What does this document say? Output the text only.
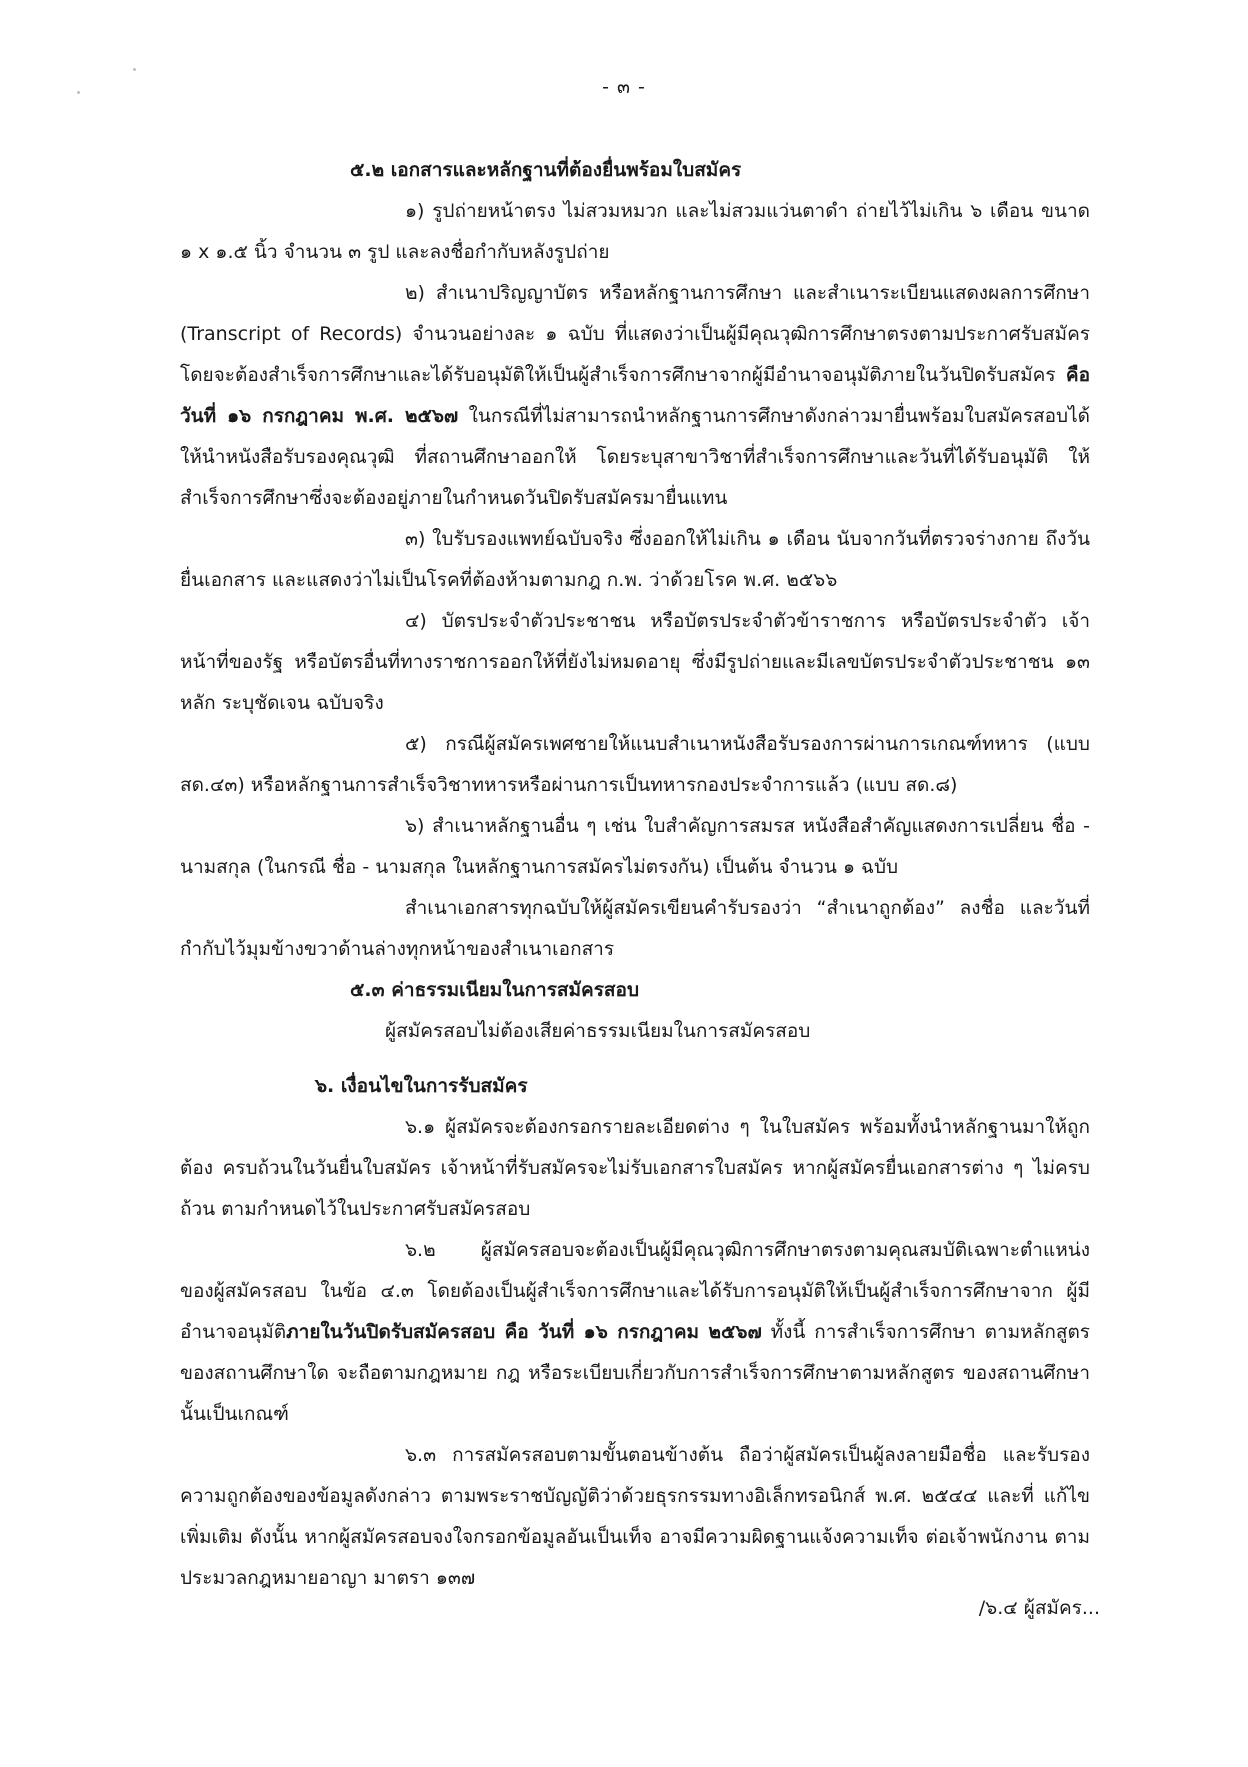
- ๓ -

๕.๒ เอกสารและหลักฐานที่ต้องยื่นพร้อมใบสมัคร

๑) รูปถ่ายหน้าตรง ไม่สวมหมวก และไม่สวมแว่นตาดำ ถ่ายไว้ไม่เกิน ๖ เดือน ขนาด ๑ x ๑.๕ นิ้ว จำนวน ๓ รูป และลงชื่อกำกับหลังรูปถ่าย

๒) สำเนาปริญญาบัตร หรือหลักฐานการศึกษา และสำเนาระเบียนแสดงผลการศึกษา (Transcript of Records) จำนวนอย่างละ ๑ ฉบับ ที่แสดงว่าเป็นผู้มีคุณวุฒิการศึกษาตรงตามประกาศรับสมัคร โดยจะต้องสำเร็จการศึกษาและได้รับอนุมัติให้เป็นผู้สำเร็จการศึกษาจากผู้มีอำนาจอนุมัติภายในวันปิดรับสมัคร คือวันที่ ๑๖ กรกฎาคม พ.ศ. ๒๕๖๗ ในกรณีที่ไม่สามารถนำหลักฐานการศึกษาดังกล่าวมายื่นพร้อมใบสมัครสอบได้ ให้นำหนังสือรับรองคุณวุฒิ ที่สถานศึกษาออกให้ โดยระบุสาขาวิชาที่สำเร็จการศึกษาและวันที่ได้รับอนุมัติ ให้สำเร็จการศึกษาซึ่งจะต้องอยู่ภายในกำหนดวันปิดรับสมัครมายื่นแทน

๓) ใบรับรองแพทย์ฉบับจริง ซึ่งออกให้ไม่เกิน ๑ เดือน นับจากวันที่ตรวจร่างกาย ถึงวันยื่นเอกสาร และแสดงว่าไม่เป็นโรคที่ต้องห้ามตามกฎ ก.พ. ว่าด้วยโรค พ.ศ. ๒๕๖๖

๔) บัตรประจำตัวประชาชน หรือบัตรประจำตัวข้าราชการ หรือบัตรประจำตัว เจ้าหน้าที่ของรัฐ หรือบัตรอื่นที่ทางราชการออกให้ที่ยังไม่หมดอายุ ซึ่งมีรูปถ่ายและมีเลขบัตรประจำตัวประชาชน ๑๓ หลัก ระบุชัดเจน ฉบับจริง

๕) กรณีผู้สมัครเพศชายให้แนบสำเนาหนังสือรับรองการผ่านการเกณฑ์ทหาร (แบบ สด.๔๓) หรือหลักฐานการสำเร็จวิชาทหารหรือผ่านการเป็นทหารกองประจำการแล้ว (แบบ สด.๘)

๖) สำเนาหลักฐานอื่น ๆ เช่น ใบสำคัญการสมรส หนังสือสำคัญแสดงการเปลี่ยน ชื่อ - นามสกุล (ในกรณี ชื่อ - นามสกุล ในหลักฐานการสมัครไม่ตรงกัน) เป็นต้น จำนวน ๑ ฉบับ

สำเนาเอกสารทุกฉบับให้ผู้สมัครเขียนคำรับรองว่า “สำเนาถูกต้อง” ลงชื่อ และวันที่ กำกับไว้มุมข้างขวาด้านล่างทุกหน้าของสำเนาเอกสาร

๕.๓ ค่าธรรมเนียมในการสมัครสอบ

ผู้สมัครสอบไม่ต้องเสียค่าธรรมเนียมในการสมัครสอบ

๖. เงื่อนไขในการรับสมัคร

๖.๑ ผู้สมัครจะต้องกรอกรายละเอียดต่าง ๆ ในใบสมัคร พร้อมทั้งนำหลักฐานมาให้ถูกต้อง ครบถ้วนในวันยื่นใบสมัคร เจ้าหน้าที่รับสมัครจะไม่รับเอกสารใบสมัคร หากผู้สมัครยื่นเอกสารต่าง ๆ ไม่ครบถ้วน ตามกำหนดไว้ในประกาศรับสมัครสอบ

๖.๒ ผู้สมัครสอบจะต้องเป็นผู้มีคุณวุฒิการศึกษาตรงตามคุณสมบัติเฉพาะตำแหน่ง ของผู้สมัครสอบ ในข้อ ๔.๓ โดยต้องเป็นผู้สำเร็จการศึกษาและได้รับการอนุมัติให้เป็นผู้สำเร็จการศึกษาจาก ผู้มีอำนาจอนุมัติภายในวันปิดรับสมัครสอบ คือ วันที่ ๑๖ กรกฎาคม ๒๕๖๗ ทั้งนี้ การสำเร็จการศึกษา ตามหลักสูตรของสถานศึกษาใด จะถือตามกฎหมาย กฎ หรือระเบียบเกี่ยวกับการสำเร็จการศึกษาตามหลักสูตร ของสถานศึกษานั้นเป็นเกณฑ์

๖.๓ การสมัครสอบตามขั้นตอนข้างต้น ถือว่าผู้สมัครเป็นผู้ลงลายมือชื่อ และรับรอง ความถูกต้องของข้อมูลดังกล่าว ตามพระราชบัญญัติว่าด้วยธุรกรรมทางอิเล็กทรอนิกส์ พ.ศ. ๒๕๔๔ และที่ แก้ไขเพิ่มเติม ดังนั้น หากผู้สมัครสอบจงใจกรอกข้อมูลอันเป็นเท็จ อาจมีความผิดฐานแจ้งความเท็จ ต่อเจ้าพนักงาน ตามประมวลกฎหมายอาญา มาตรา ๑๓๗

/๖.๔ ผู้สมัคร...
